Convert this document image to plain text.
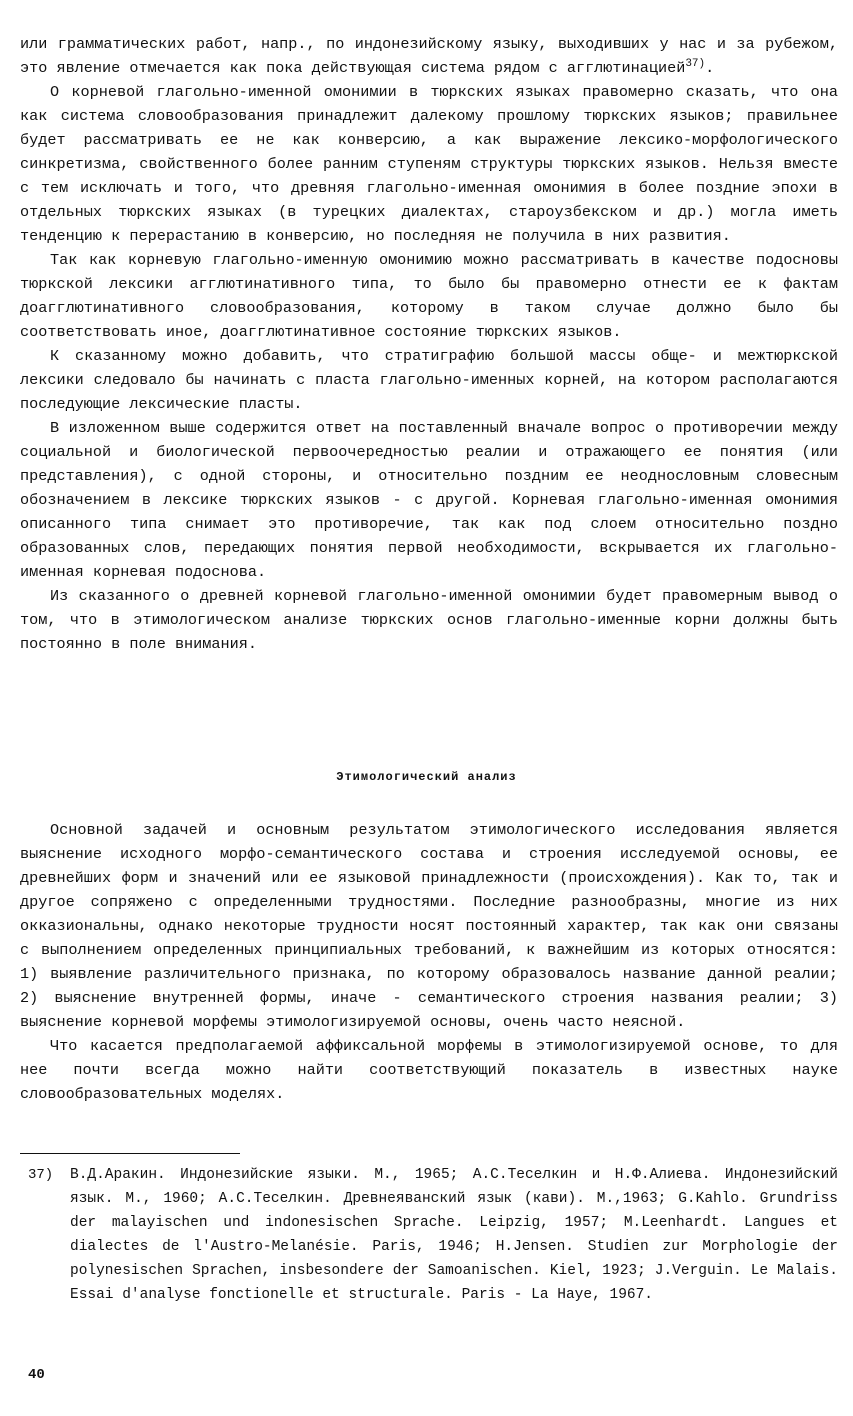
или грамматических работ, напр., по индонезийскому языку, выходивших у нас и за рубежом, это явление отмечается как пока действующая система рядом с агглютинацией$^{37)}$.

О корневой глагольно-именной омонимии в тюркских языках правомерно сказать, что она как система словообразования принадлежит далекому прошлому тюркских языков; правильнее будет рассматривать ее не как конверсию, а как выражение лексико-морфологического синкретизма, свойственного более ранним ступеням структуры тюркских языков. Нельзя вместе с тем исключать и того, что древняя глагольно-именная омонимия в более поздние эпохи в отдельных тюркских языках (в турецких диалектах, староузбекском и др.) могла иметь тенденцию к перерастанию в конверсию, но последняя не получила в них развития.

Так как корневую глагольно-именную омонимию можно рассматривать в качестве подосновы тюркской лексики агглютинативного типа, то было бы правомерно отнести ее к фактам доагглютинативного словообразования, которому в таком случае должно было бы соответствовать иное, доагглютинативное состояние тюркских языков.

К сказанному можно добавить, что стратиграфию большой массы обще- и межтюркской лексики следовало бы начинать с пласта глагольно-именных корней, на котором располагаются последующие лексические пласты.

В изложенном выше содержится ответ на поставленный вначале вопрос о противоречии между социальной и биологической первоочередностью реалии и отражающего ее понятия (или представления), с одной стороны, и относительно поздним ее неоднословным словесным обозначением в лексике тюркских языков - с другой. Корневая глагольно-именная омонимия описанного типа снимает это противоречие, так как под слоем относительно поздно образованных слов, передающих понятия первой необходимости, вскрывается их глагольно-именная корневая подоснова.

Из сказанного о древней корневой глагольно-именной омонимии будет правомерным вывод о том, что в этимологическом анализе тюркских основ глагольно-именные корни должны быть постоянно в поле внимания.

Этимологический анализ

Основной задачей и основным результатом этимологического исследования является выяснение исходного морфо-семантического состава и строения исследуемой основы, ее древнейших форм и значений или ее языковой принадлежности (происхождения). Как то, так и другое сопряжено с определенными трудностями. Последние разнообразны, многие из них окказиональны, однако некоторые трудности носят постоянный характер, так как они связаны с выполнением определенных принципиальных требований, к важнейшим из которых относятся: 1) выявление различительного признака, по которому образовалось название данной реалии; 2) выяснение внутренней формы, иначе - семантического строения названия реалии; 3) выяснение корневой морфемы этимологизируемой основы, очень часто неясной.

Что касается предполагаемой аффиксальной морфемы в этимологизируемой основе, то для нее почти всегда можно найти соответствующий показатель в известных науке словообразовательных моделях.

37) В.Д.Аракин. Индонезийские языки. М., 1965; А.С.Теселкин и Н.Ф.Алиева. Индонезийский язык. М., 1960; А.С.Теселкин. Древнеяванский язык (кави). М.,1963; G.Kahlo. Grundriss der malayischen und indonesischen Sprache. Leipzig, 1957; M.Leenhardt. Langues et dialectes de l'Austro-Melanésie. Paris, 1946; H.Jensen. Studien zur Morphologie der polynesischen Sprachen, insbesondere der Samoanischen. Kiel, 1923; J.Verguin. Le Malais. Essai d'analyse fonctionelle et structurale. Paris - La Haye, 1967.
40
